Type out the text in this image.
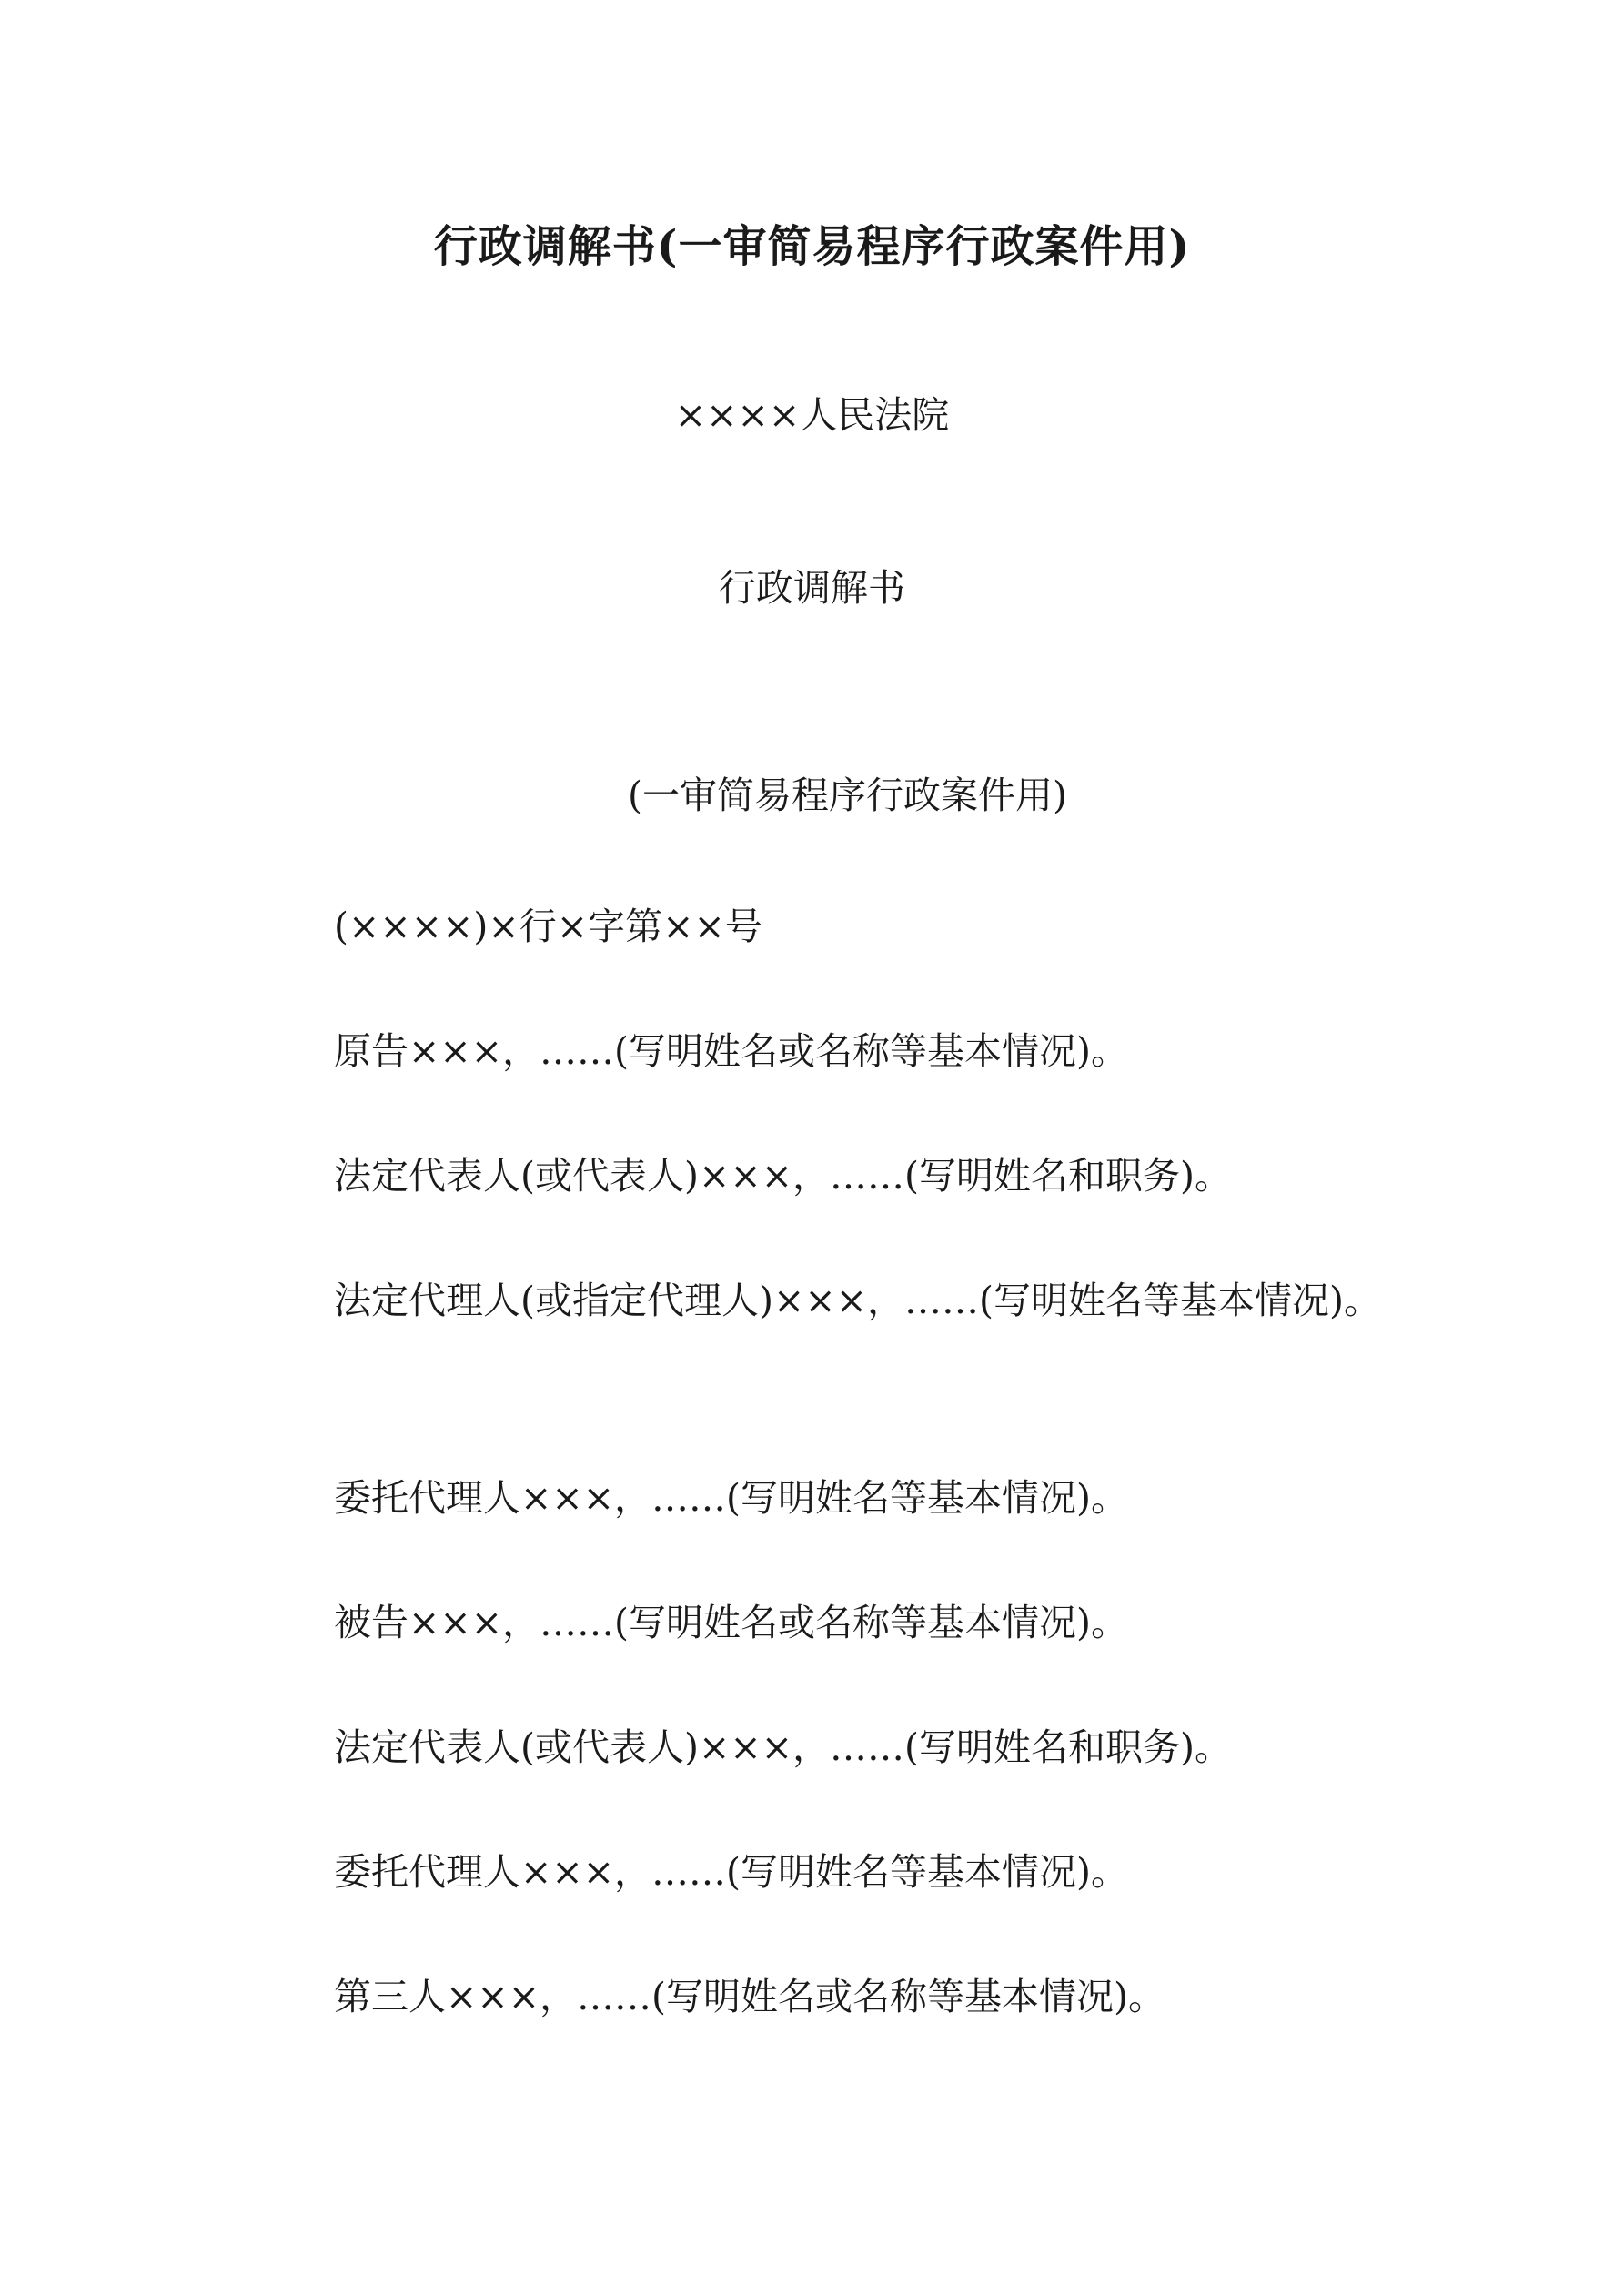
行政调解书(一审简易程序行政案件用)

××××人民法院

行政调解书

(一审简易程序行政案件用)

(××××)×行×字第××号

原告×××，……(写明姓名或名称等基本情况)。

法定代表人(或代表人)×××，……(写明姓名和职务)。

法定代理人(或指定代理人)×××，……(写明姓名等基本情况)。

委托代理人×××，……(写明姓名等基本情况)。

被告×××，……(写明姓名或名称等基本情况)。

法定代表人(或代表人)×××，……(写明姓名和职务)。

委托代理人×××，……(写明姓名等基本情况)。

第三人×××，……(写明姓名或名称等基本情况)。
